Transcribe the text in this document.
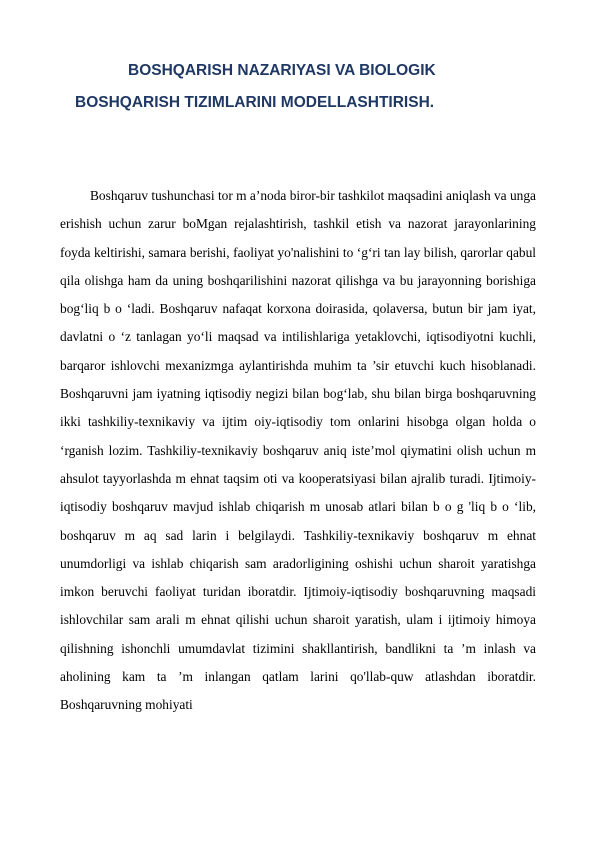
BOSHQARISH NAZARIYASI VA BIOLOGIK
BOSHQARISH TIZIMLARINI MODELLASHTIRISH.

Boshqaruv tushunchasi tor m a’noda biror-bir tashkilot maqsadini aniqlash va unga erishish uchun zarur boMgan rejalashtirish, tashkil etish va nazorat jarayonlarining foyda keltirishi, samara berishi, faoliyat yo'nalishini to ‘g‘ri tan lay bilish, qarorlar qabul qila olishga ham da uning boshqarilishini nazorat qilishga va bu jarayonning borishiga bog‘liq b o ‘ladi. Boshqaruv nafaqat korxona doirasida, qolaversa, butun bir jam iyat, davlatni o ‘z tanlagan yo‘li maqsad va intilishlariga yetaklovchi, iqtisodiyotni kuchli, barqaror ishlovchi mexanizmga aylantirishda muhim ta ’sir etuvchi kuch hisoblanadi. Boshqaruvni jam iyatning iqtisodiy negizi bilan bog‘lab, shu bilan birga boshqaruvning ikki tashkiliy-texnikaviy va ijtim oiy-iqtisodiy tom onlarini hisobga olgan holda o ‘rganish lozim. Tashkiliy-texnikaviy boshqaruv aniq iste’mol qiymatini olish uchun m ahsulot tayyorlashda m ehnat taqsim oti va kooperatsiyasi bilan ajralib turadi. Ijtimoiy-iqtisodiy boshqaruv mavjud ishlab chiqarish m unosab atlari bilan b o g 'liq b o ‘lib, boshqaruv m aq sad larin i belgilaydi. Tashkiliy-texnikaviy boshqaruv m ehnat unumdorligi va ishlab chiqarish sam aradorligining oshishi uchun sharoit yaratishga imkon beruvchi faoliyat turidan iboratdir. Ijtimoiy-iqtisodiy boshqaruvning maqsadi ishlovchilar sam arali m ehnat qilishi uchun sharoit yaratish, ulam i ijtimoiy himoya qilishning ishonchli umumdavlat tizimini shakllantirish, bandlikni ta ’m inlash va aholining kam ta ’m inlangan qatlam larini qo'llab-quw atlashdan iboratdir. Boshqaruvning mohiyati
